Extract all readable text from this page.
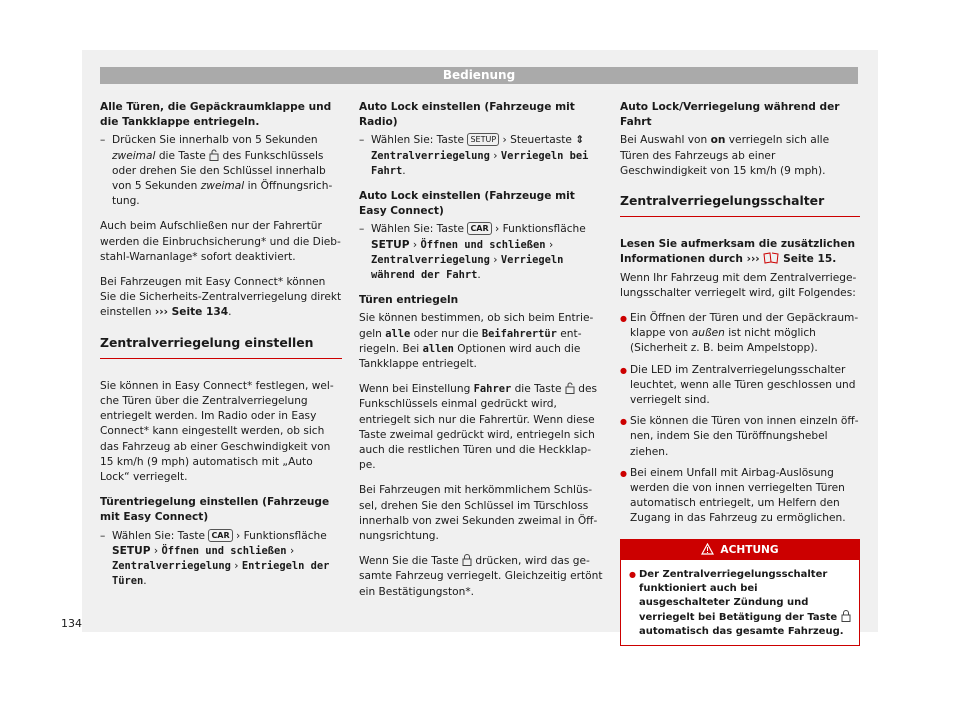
Bedienung

Alle Türen, die Gepäckraumklappe und die Tankklappe entriegeln.

– Drücken Sie innerhalb von 5 Sekunden zweimal die Taste  des Funkschlüssels oder drehen Sie den Schlüssel innerhalb von 5 Sekunden zweimal in Öffnungsrichtung.

Auch beim Aufschließen nur der Fahrertür werden die Einbruchsicherung* und die Diebstahl-Warnanlage* sofort deaktiviert.

Bei Fahrzeugen mit Easy Connect* können Sie die Sicherheits-Zentralverriegelung direkt einstellen ››› Seite 134.

Zentralverriegelung einstellen

Sie können in Easy Connect* festlegen, welche Türen über die Zentralverriegelung entriegelt werden. Im Radio oder in Easy Connect* kann eingestellt werden, ob sich das Fahrzeug ab einer Geschwindigkeit von 15 km/h (9 mph) automatisch mit „Auto Lock“ verriegelt.

Türentriegelung einstellen (Fahrzeuge mit Easy Connect)

– Wählen Sie: Taste CAR › Funktionsfläche SETUP › Öffnen und schließen › Zentralverriegelung › Entriegeln der Türen.

Auto Lock einstellen (Fahrzeuge mit Radio)

– Wählen Sie: Taste SETUP › Steuertaste ⇕ Zentralverriegelung › Verriegeln bei Fahrt.

Auto Lock einstellen (Fahrzeuge mit Easy Connect)

– Wählen Sie: Taste CAR › Funktionsfläche SETUP › Öffnen und schließen › Zentralverriegelung › Verriegeln während der Fahrt.

Türen entriegeln

Sie können bestimmen, ob sich beim Entriegeln alle oder nur die Beifahrertür entriegeln. Bei allen Optionen wird auch die Tankklappe entriegelt.

Wenn bei Einstellung Fahrer die Taste  des Funkschlüssels einmal gedrückt wird, entriegelt sich nur die Fahrertür. Wenn diese Taste zweimal gedrückt wird, entriegeln sich auch die restlichen Türen und die Heckklappe.

Bei Fahrzeugen mit herkömmlichem Schlüssel, drehen Sie den Schlüssel im Türschloss innerhalb von zwei Sekunden zweimal in Öffnungsrichtung.

Wenn Sie die Taste  drücken, wird das gesamte Fahrzeug verriegelt. Gleichzeitig ertönt ein Bestätigungston*.

Auto Lock/Verriegelung während der Fahrt

Bei Auswahl von on verriegeln sich alle Türen des Fahrzeugs ab einer Geschwindigkeit von 15 km/h (9 mph).

Zentralverriegelungsschalter

Lesen Sie aufmerksam die zusätzlichen Informationen durch ›››  Seite 15.

Wenn Ihr Fahrzeug mit dem Zentralverriegelungsschalter verriegelt wird, gilt Folgendes:

● Ein Öffnen der Türen und der Gepäckraumklappe von außen ist nicht möglich (Sicherheit z. B. beim Ampelstopp).
● Die LED im Zentralverriegelungsschalter leuchtet, wenn alle Türen geschlossen und verriegelt sind.
● Sie können die Türen von innen einzeln öffnen, indem Sie den Türöffnungshebel ziehen.
● Bei einem Unfall mit Airbag-Auslösung werden die von innen verriegelten Türen automatisch entriegelt, um Helfern den Zugang in das Fahrzeug zu ermöglichen.
ACHTUNG
● Der Zentralverriegelungsschalter funktioniert auch bei ausgeschalteter Zündung und verriegelt bei Betätigung der Taste  automatisch das gesamte Fahrzeug.
134
